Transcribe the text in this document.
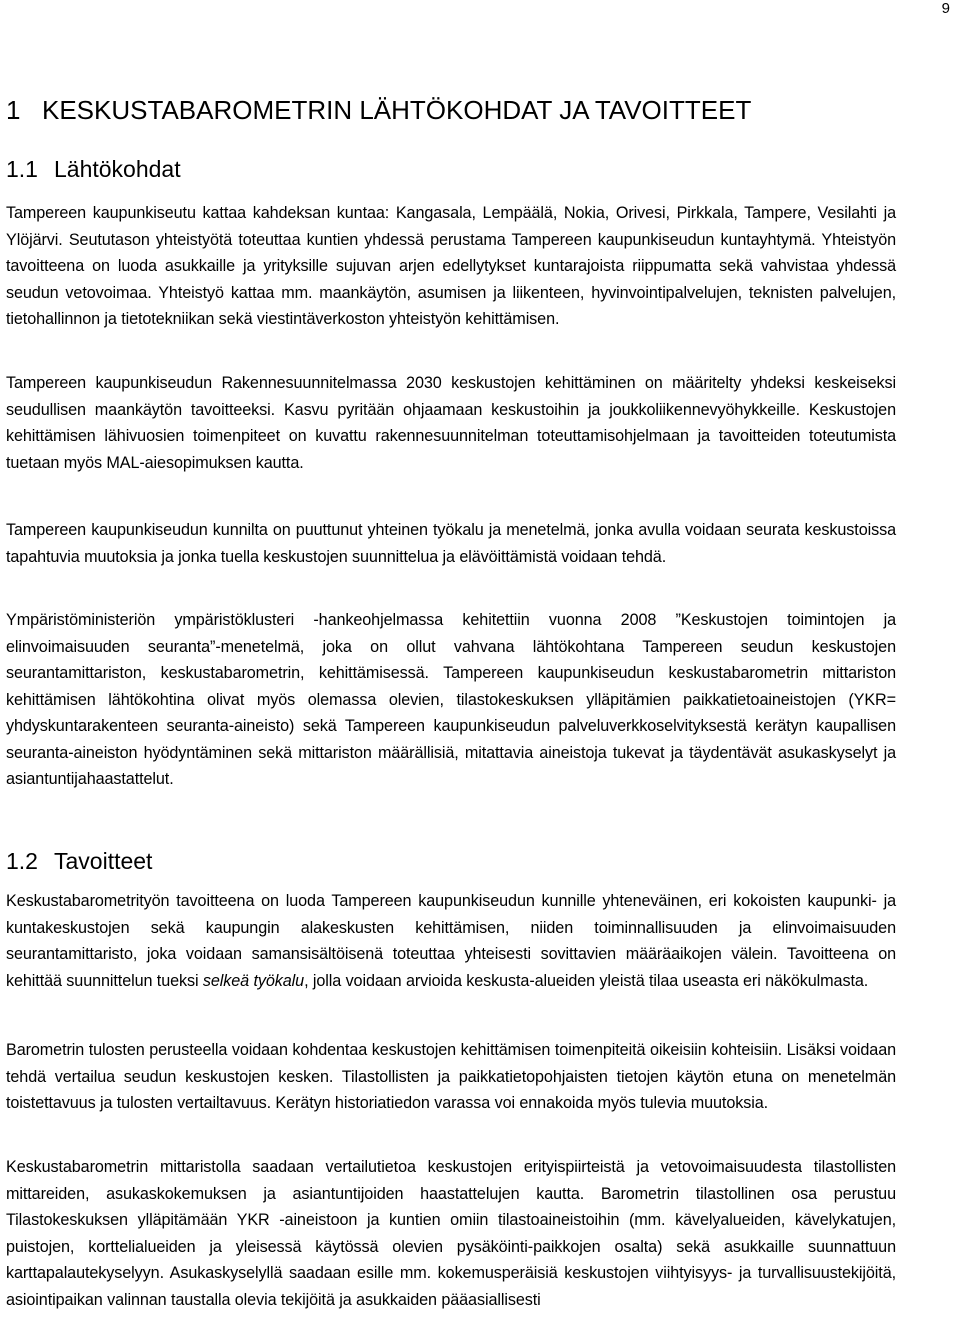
9
1 KESKUSTABAROMETRIN LÄHTÖKOHDAT JA TAVOITTEET
1.1 Lähtökohdat

Tampereen kaupunkiseutu kattaa kahdeksan kuntaa: Kangasala, Lempäälä, Nokia, Orivesi, Pirkkala, Tampere, Vesilahti ja Ylöjärvi. Seututason yhteistyötä toteuttaa kuntien yhdessä perustama Tampereen kaupunkiseudun kuntayhtymä. Yhteistyön tavoitteena on luoda asukkaille ja yrityksille sujuvan arjen edellytykset kuntarajoista riippumatta sekä vahvistaa yhdessä seudun vetovoimaa. Yhteistyö kattaa mm. maankäytön, asumisen ja liikenteen, hyvinvointipalvelujen, teknisten palvelujen, tietohallinnon ja tietotekniikan sekä viestintäverkoston yhteistyön kehittämisen.

Tampereen kaupunkiseudun Rakennesuunnitelmassa 2030 keskustojen kehittäminen on määritelty yhdeksi keskeiseksi seudullisen maankäytön tavoitteeksi. Kasvu pyritään ohjaamaan keskustoihin ja joukkoliikennevyöhykkeille. Keskustojen kehittämisen lähivuosien toimenpiteet on kuvattu rakennesuunnitelman toteuttamisohjelmaan ja tavoitteiden toteutumista tuetaan myös MAL-aiesopimuksen kautta.

Tampereen kaupunkiseudun kunnilta on puuttunut yhteinen työkalu ja menetelmä, jonka avulla voidaan seurata keskustoissa tapahtuvia muutoksia ja jonka tuella keskustojen suunnittelua ja elävöittämistä voidaan tehdä.

Ympäristöministeriön ympäristöklusteri -hankeohjelmassa kehitettiin vuonna 2008 ”Keskustojen toimintojen ja elinvoimaisuuden seuranta”-menetelmä, joka on ollut vahvana lähtökohtana Tampereen seudun keskustojen seurantamittariston, keskustabarometrin, kehittämisessä. Tampereen kaupunkiseudun keskustabarometrin mittariston kehittämisen lähtökohtina olivat myös olemassa olevien, tilastokeskuksen ylläpitämien paikkatietoaineistojen (YKR= yhdyskuntarakenteen seuranta-aineisto) sekä Tampereen kaupunkiseudun palveluverkkoselvityksestä kerätyn kaupallisen seuranta-aineiston hyödyntäminen sekä mittariston määrällisiä, mitattavia aineistoja tukevat ja täydentävät asukaskyselyt ja asiantuntijahaastattelut.

1.2 Tavoitteet

Keskustabarometrityön tavoitteena on luoda Tampereen kaupunkiseudun kunnille yhteneväinen, eri kokoisten kaupunki- ja kuntakeskustojen sekä kaupungin alakeskusten kehittämisen, niiden toiminnallisuuden ja elinvoimaisuuden seurantamittaristo, joka voidaan samansisältöisenä toteuttaa yhteisesti sovittavien määräaikojen välein. Tavoitteena on kehittää suunnittelun tueksi selkeä työkalu, jolla voidaan arvioida keskusta-alueiden yleistä tilaa useasta eri näkökulmasta.

Barometrin tulosten perusteella voidaan kohdentaa keskustojen kehittämisen toimenpiteitä oikeisiin kohteisiin. Lisäksi voidaan tehdä vertailua seudun keskustojen kesken. Tilastollisten ja paikkatietopohjaisten tietojen käytön etuna on menetelmän toistettavuus ja tulosten vertailtavuus. Kerätyn historiatiedon varassa voi ennakoida myös tulevia muutoksia.

Keskustabarometrin mittaristolla saadaan vertailutietoa keskustojen erityispiirteistä ja vetovoimaisuudesta tilastollisten mittareiden, asukaskokemuksen ja asiantuntijoiden haastattelujen kautta. Barometrin tilastollinen osa perustuu Tilastokeskuksen ylläpitämään YKR -aineistoon ja kuntien omiin tilastoaineistoihin (mm. kävelyalueiden, kävelykatujen, puistojen, korttelialueiden ja yleisessä käytössä olevien pysäköinti-paikkojen osalta) sekä asukkaille suunnattuun karttapalautekyselyyn. Asukaskyselyllä saadaan esille mm. kokemusperäisiä keskustojen viihtyisyys- ja turvallisuustekijöitä, asiointipaikan valinnan taustalla olevia tekijöitä ja asukkaiden pääasiallisesti
